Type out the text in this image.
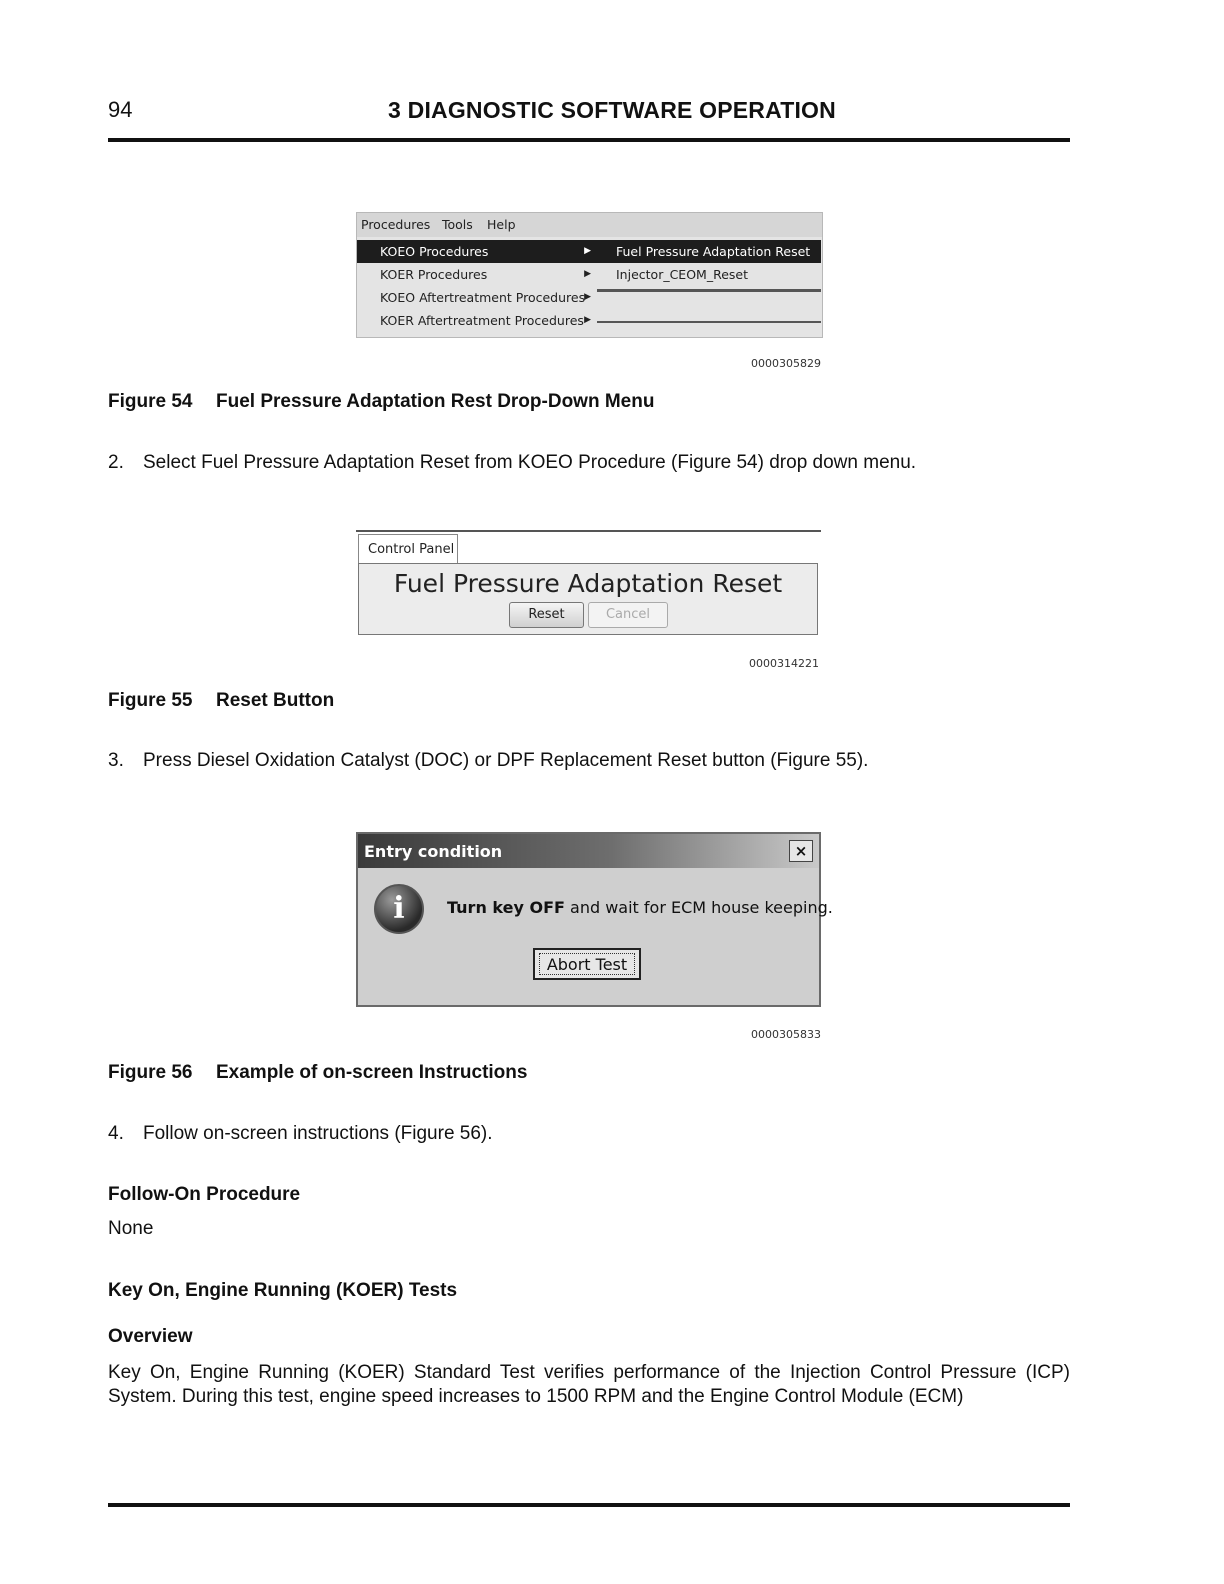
94	3 DIAGNOSTIC SOFTWARE OPERATION
Procedures Tools Help
KOEO Procedures	▶
KOER Procedures	▶
KOEO Aftertreatment Procedures ▶
KOER Aftertreatment Procedures ▶
Fuel Pressure Adaptation Reset
Injector_CEOM_Reset
0000305829
Figure 54 Fuel Pressure Adaptation Rest Drop-Down Menu
2. Select Fuel Pressure Adaptation Reset from KOEO Procedure (Figure 54) drop down menu.
Control Panel
Fuel Pressure Adaptation Reset
Reset	Cancel
0000314221
Figure 55 Reset Button
3. Press Diesel Oxidation Catalyst (DOC) or DPF Replacement Reset button (Figure 55).
Entry condition	×
i	Turn key OFF and wait for ECM house keeping.
Abort Test
0000305833
Figure 56 Example of on-screen Instructions
4. Follow on-screen instructions (Figure 56).
Follow-On Procedure
None
Key On, Engine Running (KOER) Tests
Overview
Key On, Engine Running (KOER) Standard Test verifies performance of the Injection Control Pressure (ICP) System. During this test, engine speed increases to 1500 RPM and the Engine Control Module (ECM)
